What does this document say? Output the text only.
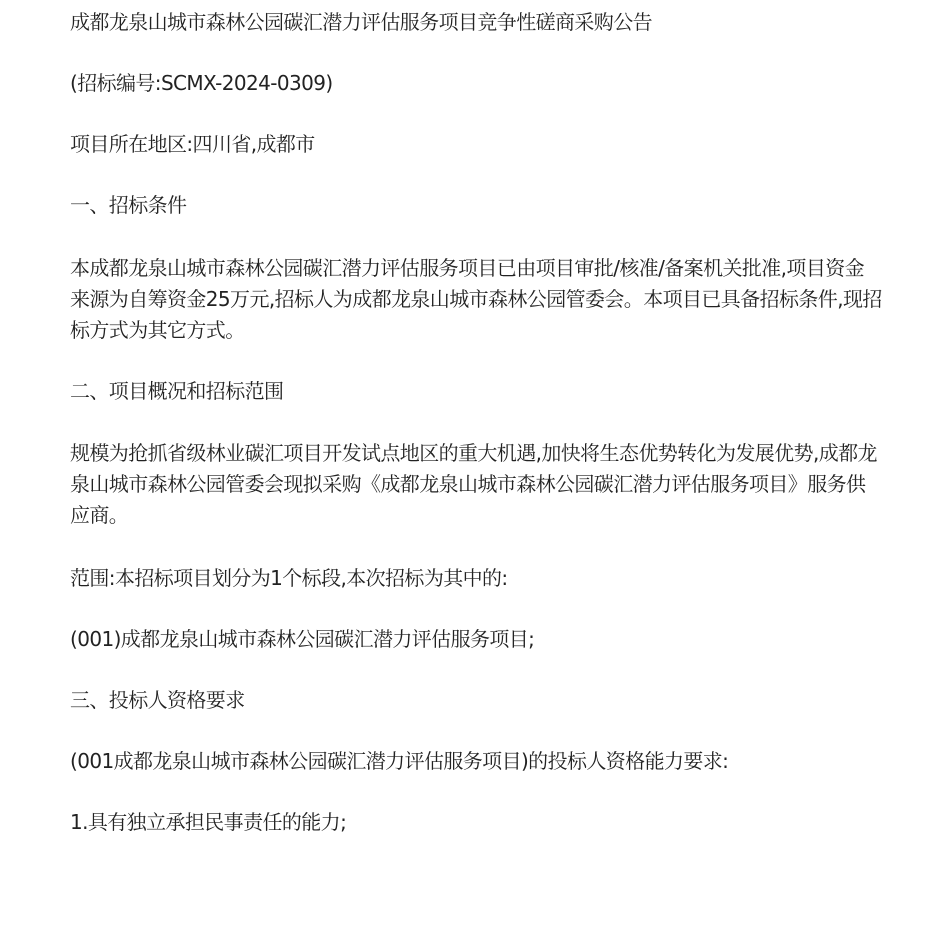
成都龙泉山城市森林公园碳汇潜力评估服务项目竞争性磋商采购公告

(招标编号:SCMX-2024-0309)

项目所在地区:四川省,成都市

一、招标条件

本成都龙泉山城市森林公园碳汇潜力评估服务项目已由项目审批/核准/备案机关批准,项目资金来源为自筹资金25万元,招标人为成都龙泉山城市森林公园管委会。本项目已具备招标条件,现招标方式为其它方式。

二、项目概况和招标范围

规模为抢抓省级林业碳汇项目开发试点地区的重大机遇,加快将生态优势转化为发展优势,成都龙泉山城市森林公园管委会现拟采购《成都龙泉山城市森林公园碳汇潜力评估服务项目》服务供应商。

范围:本招标项目划分为1个标段,本次招标为其中的:

(001)成都龙泉山城市森林公园碳汇潜力评估服务项目;

三、投标人资格要求

(001成都龙泉山城市森林公园碳汇潜力评估服务项目)的投标人资格能力要求:

1.具有独立承担民事责任的能力;
